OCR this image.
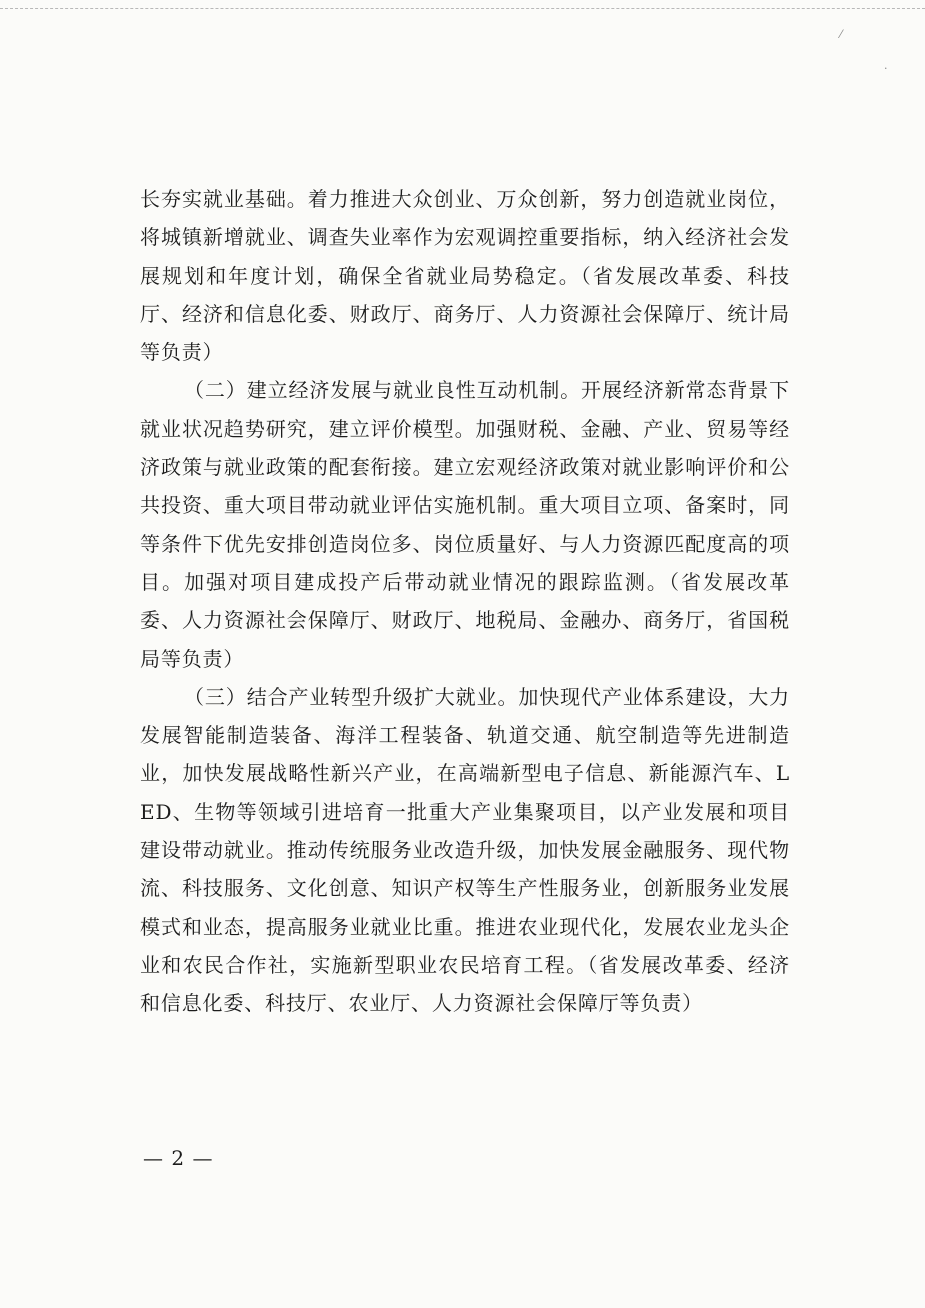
⁄
·

长夯实就业基础。着力推进大众创业、万众创新，努力创造就业岗位，将城镇新增就业、调查失业率作为宏观调控重要指标，纳入经济社会发展规划和年度计划，确保全省就业局势稳定。（省发展改革委、科技厅、经济和信息化委、财政厅、商务厅、人力资源社会保障厅、统计局等负责）

（二）建立经济发展与就业良性互动机制。开展经济新常态背景下就业状况趋势研究，建立评价模型。加强财税、金融、产业、贸易等经济政策与就业政策的配套衔接。建立宏观经济政策对就业影响评价和公共投资、重大项目带动就业评估实施机制。重大项目立项、备案时，同等条件下优先安排创造岗位多、岗位质量好、与人力资源匹配度高的项目。加强对项目建成投产后带动就业情况的跟踪监测。（省发展改革委、人力资源社会保障厅、财政厅、地税局、金融办、商务厅，省国税局等负责）

（三）结合产业转型升级扩大就业。加快现代产业体系建设，大力发展智能制造装备、海洋工程装备、轨道交通、航空制造等先进制造业，加快发展战略性新兴产业，在高端新型电子信息、新能源汽车、LED、生物等领域引进培育一批重大产业集聚项目，以产业发展和项目建设带动就业。推动传统服务业改造升级，加快发展金融服务、现代物流、科技服务、文化创意、知识产权等生产性服务业，创新服务业发展模式和业态，提高服务业就业比重。推进农业现代化，发展农业龙头企业和农民合作社，实施新型职业农民培育工程。（省发展改革委、经济和信息化委、科技厅、农业厅、人力资源社会保障厅等负责）

— 2 —
